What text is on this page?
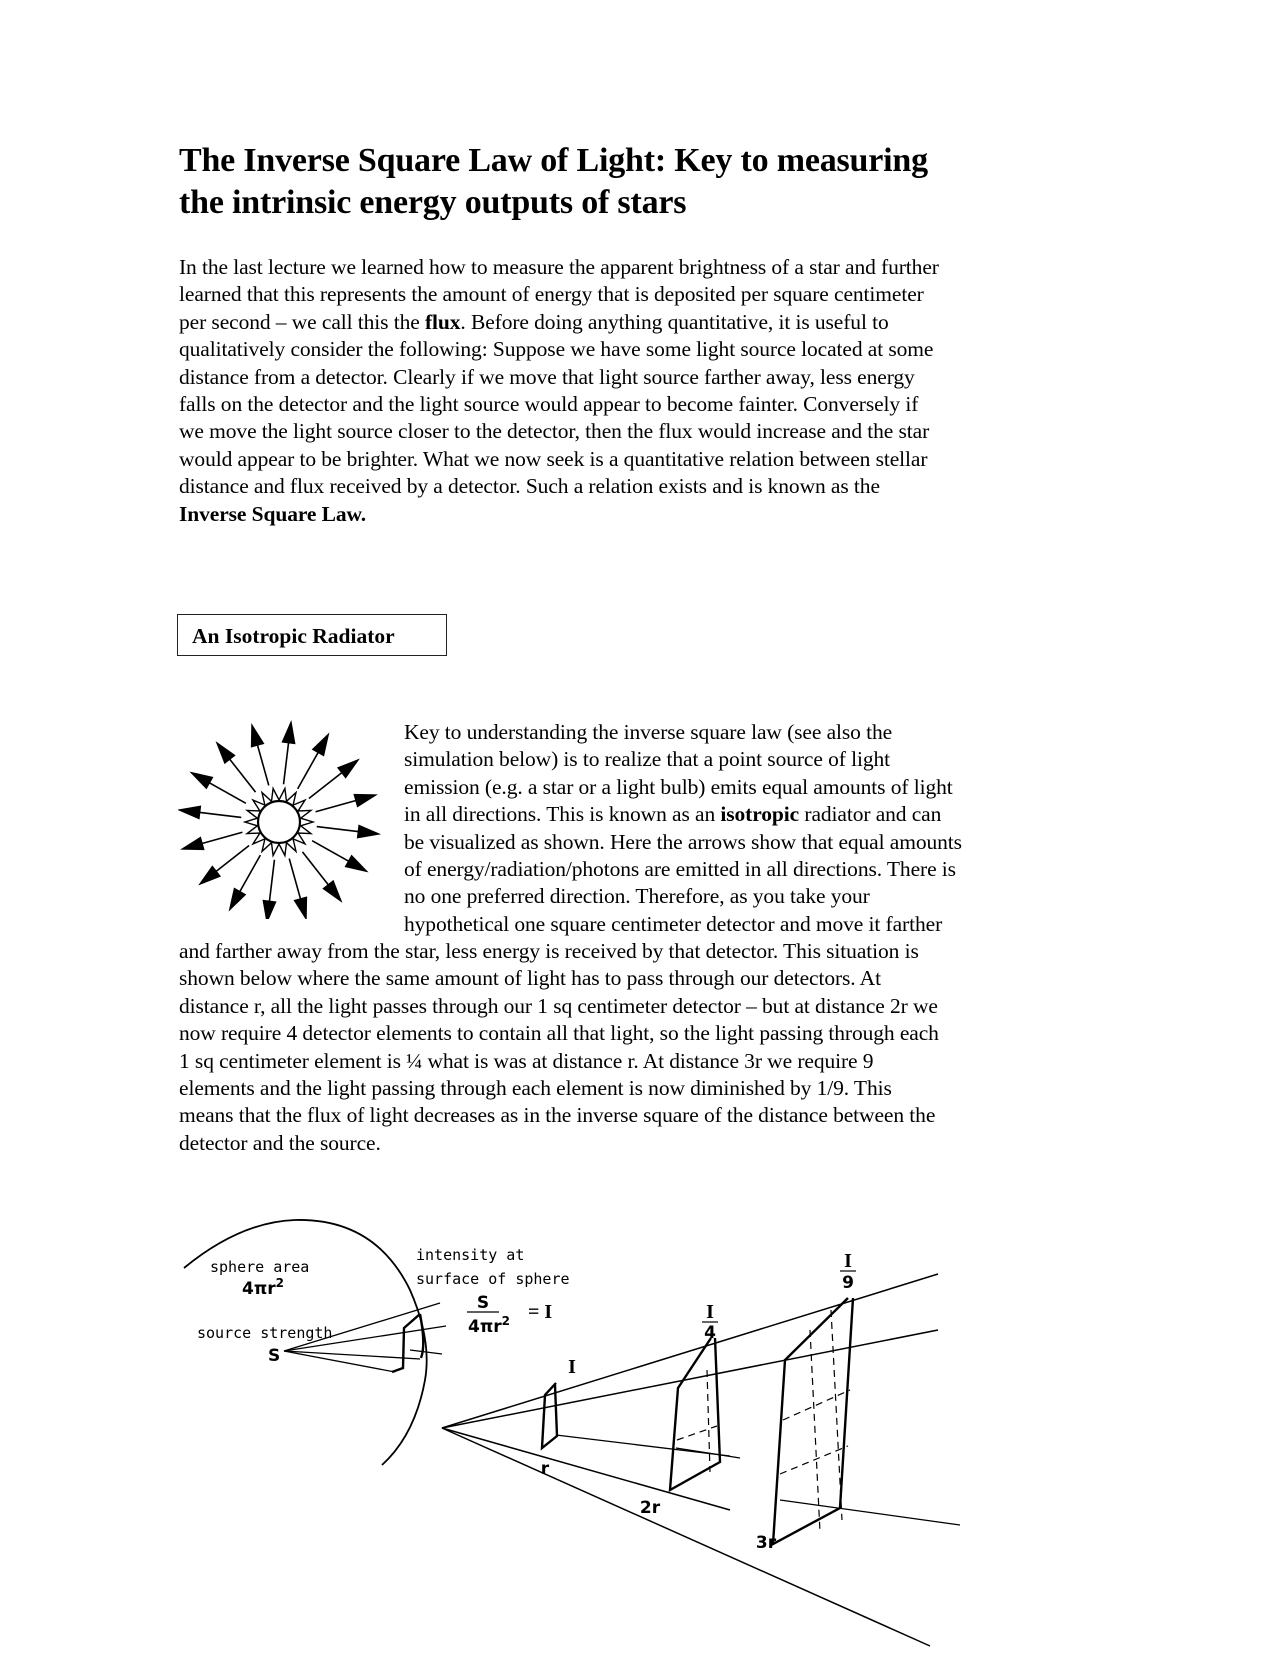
The Inverse Square Law of Light: Key to measuring
the intrinsic energy outputs of stars

In the last lecture we learned how to measure the apparent brightness of a star and further
learned that this represents the amount of energy that is deposited per square centimeter
per second – we call this the flux. Before doing anything quantitative, it is useful to
qualitatively consider the following: Suppose we have some light source located at some
distance from a detector. Clearly if we move that light source farther away, less energy
falls on the detector and the light source would appear to become fainter. Conversely if
we move the light source closer to the detector, then the flux would increase and the star
would appear to be brighter. What we now seek is a quantitative relation between stellar
distance and flux received by a detector. Such a relation exists and is known as the
Inverse Square Law.

An Isotropic Radiator

Key to understanding the inverse square law (see also the
simulation below) is to realize that a point source of light
emission (e.g. a star or a light bulb) emits equal amounts of light
in all directions. This is known as an isotropic radiator and can
be visualized as shown. Here the arrows show that equal amounts
of energy/radiation/photons are emitted in all directions. There is
no one preferred direction. Therefore, as you take your
hypothetical one square centimeter detector and move it farther

and farther away from the star, less energy is received by that detector. This situation is
shown below where the same amount of light has to pass through our detectors. At
distance r, all the light passes through our 1 sq centimeter detector – but at distance 2r we
now require 4 detector elements to contain all that light, so the light passing through each
1 sq centimeter element is ¼ what is was at distance r. At distance 3r we require 9
elements and the light passing through each element is now diminished by 1/9. This
means that the flux of light decreases as in the inverse square of the distance between the
detector and the source.

sphere area
$4\pi r^2$
source strength
S
intensity at
surface of sphere
S
$4\pi r^2 = I$
I
I
4
I
9
r
2r
3r
